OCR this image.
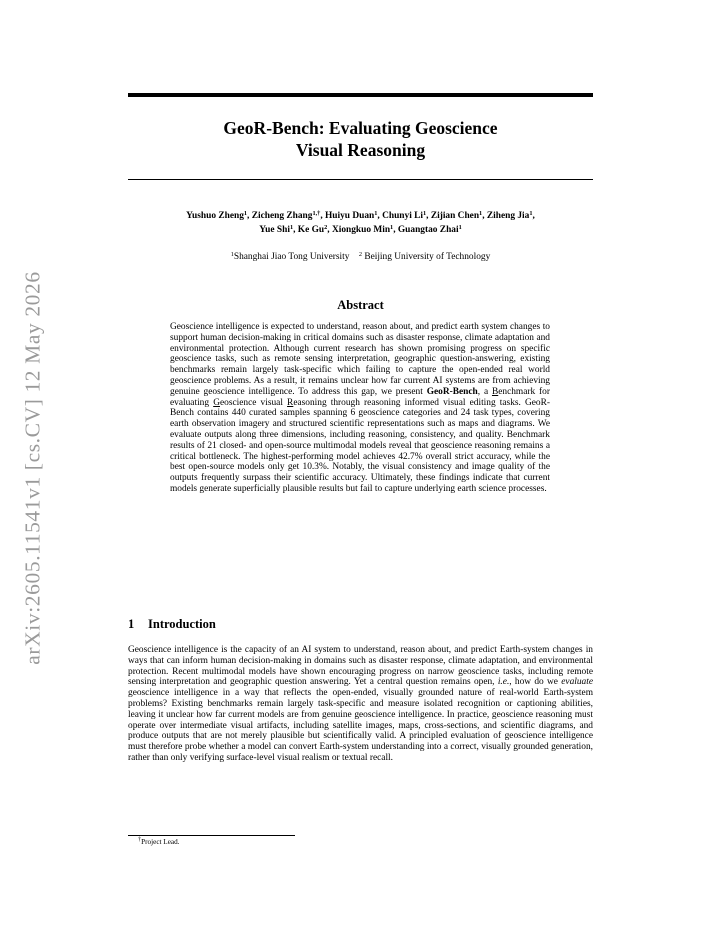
arXiv:2605.11541v1 [cs.CV] 12 May 2026
GeoR-Bench: Evaluating Geoscience
Visual Reasoning
Yushuo Zheng$^1$, Zicheng Zhang$^{1,\dagger}$, Huiyu Duan$^1$, Chunyi Li$^1$, Zijian Chen$^1$, Ziheng Jia$^1$,
Yue Shi$^1$, Ke Gu$^2$, Xiongkuo Min$^1$, Guangtao Zhai$^1$
$^1$Shanghai Jiao Tong University $^2$ Beijing University of Technology
Abstract

Geoscience intelligence is expected to understand, reason about, and predict earth system changes to support human decision-making in critical domains such as disaster response, climate adaptation and environmental protection. Although current research has shown promising progress on specific geoscience tasks, such as remote sensing interpretation, geographic question-answering, existing benchmarks remain largely task-specific which failing to capture the open-ended real world geoscience problems. As a result, it remains unclear how far current AI systems are from achieving genuine geoscience intelligence. To address this gap, we present GeoR-Bench, a Benchmark for evaluating Geoscience visual Reasoning through reasoning informed visual editing tasks. GeoR-Bench contains 440 curated samples spanning 6 geoscience categories and 24 task types, covering earth observation imagery and structured scientific representations such as maps and diagrams. We evaluate outputs along three dimensions, including reasoning, consistency, and quality. Benchmark results of 21 closed- and open-source multimodal models reveal that geoscience reasoning remains a critical bottleneck. The highest-performing model achieves 42.7% overall strict accuracy, while the best open-source models only get 10.3%. Notably, the visual consistency and image quality of the outputs frequently surpass their scientific accuracy. Ultimately, these findings indicate that current models generate superficially plausible results but fail to capture underlying earth science processes.

1 Introduction

Geoscience intelligence is the capacity of an AI system to understand, reason about, and predict Earth-system changes in ways that can inform human decision-making in domains such as disaster response, climate adaptation, and environmental protection. Recent multimodal models have shown encouraging progress on narrow geoscience tasks, including remote sensing interpretation and geographic question answering. Yet a central question remains open, i.e., how do we evaluate geoscience intelligence in a way that reflects the open-ended, visually grounded nature of real-world Earth-system problems? Existing benchmarks remain largely task-specific and measure isolated recognition or captioning abilities, leaving it unclear how far current models are from genuine geoscience intelligence. In practice, geoscience reasoning must operate over intermediate visual artifacts, including satellite images, maps, cross-sections, and scientific diagrams, and produce outputs that are not merely plausible but scientifically valid. A principled evaluation of geoscience intelligence must therefore probe whether a model can convert Earth-system understanding into a correct, visually grounded generation, rather than only verifying surface-level visual realism or textual recall.

†Project Lead.
